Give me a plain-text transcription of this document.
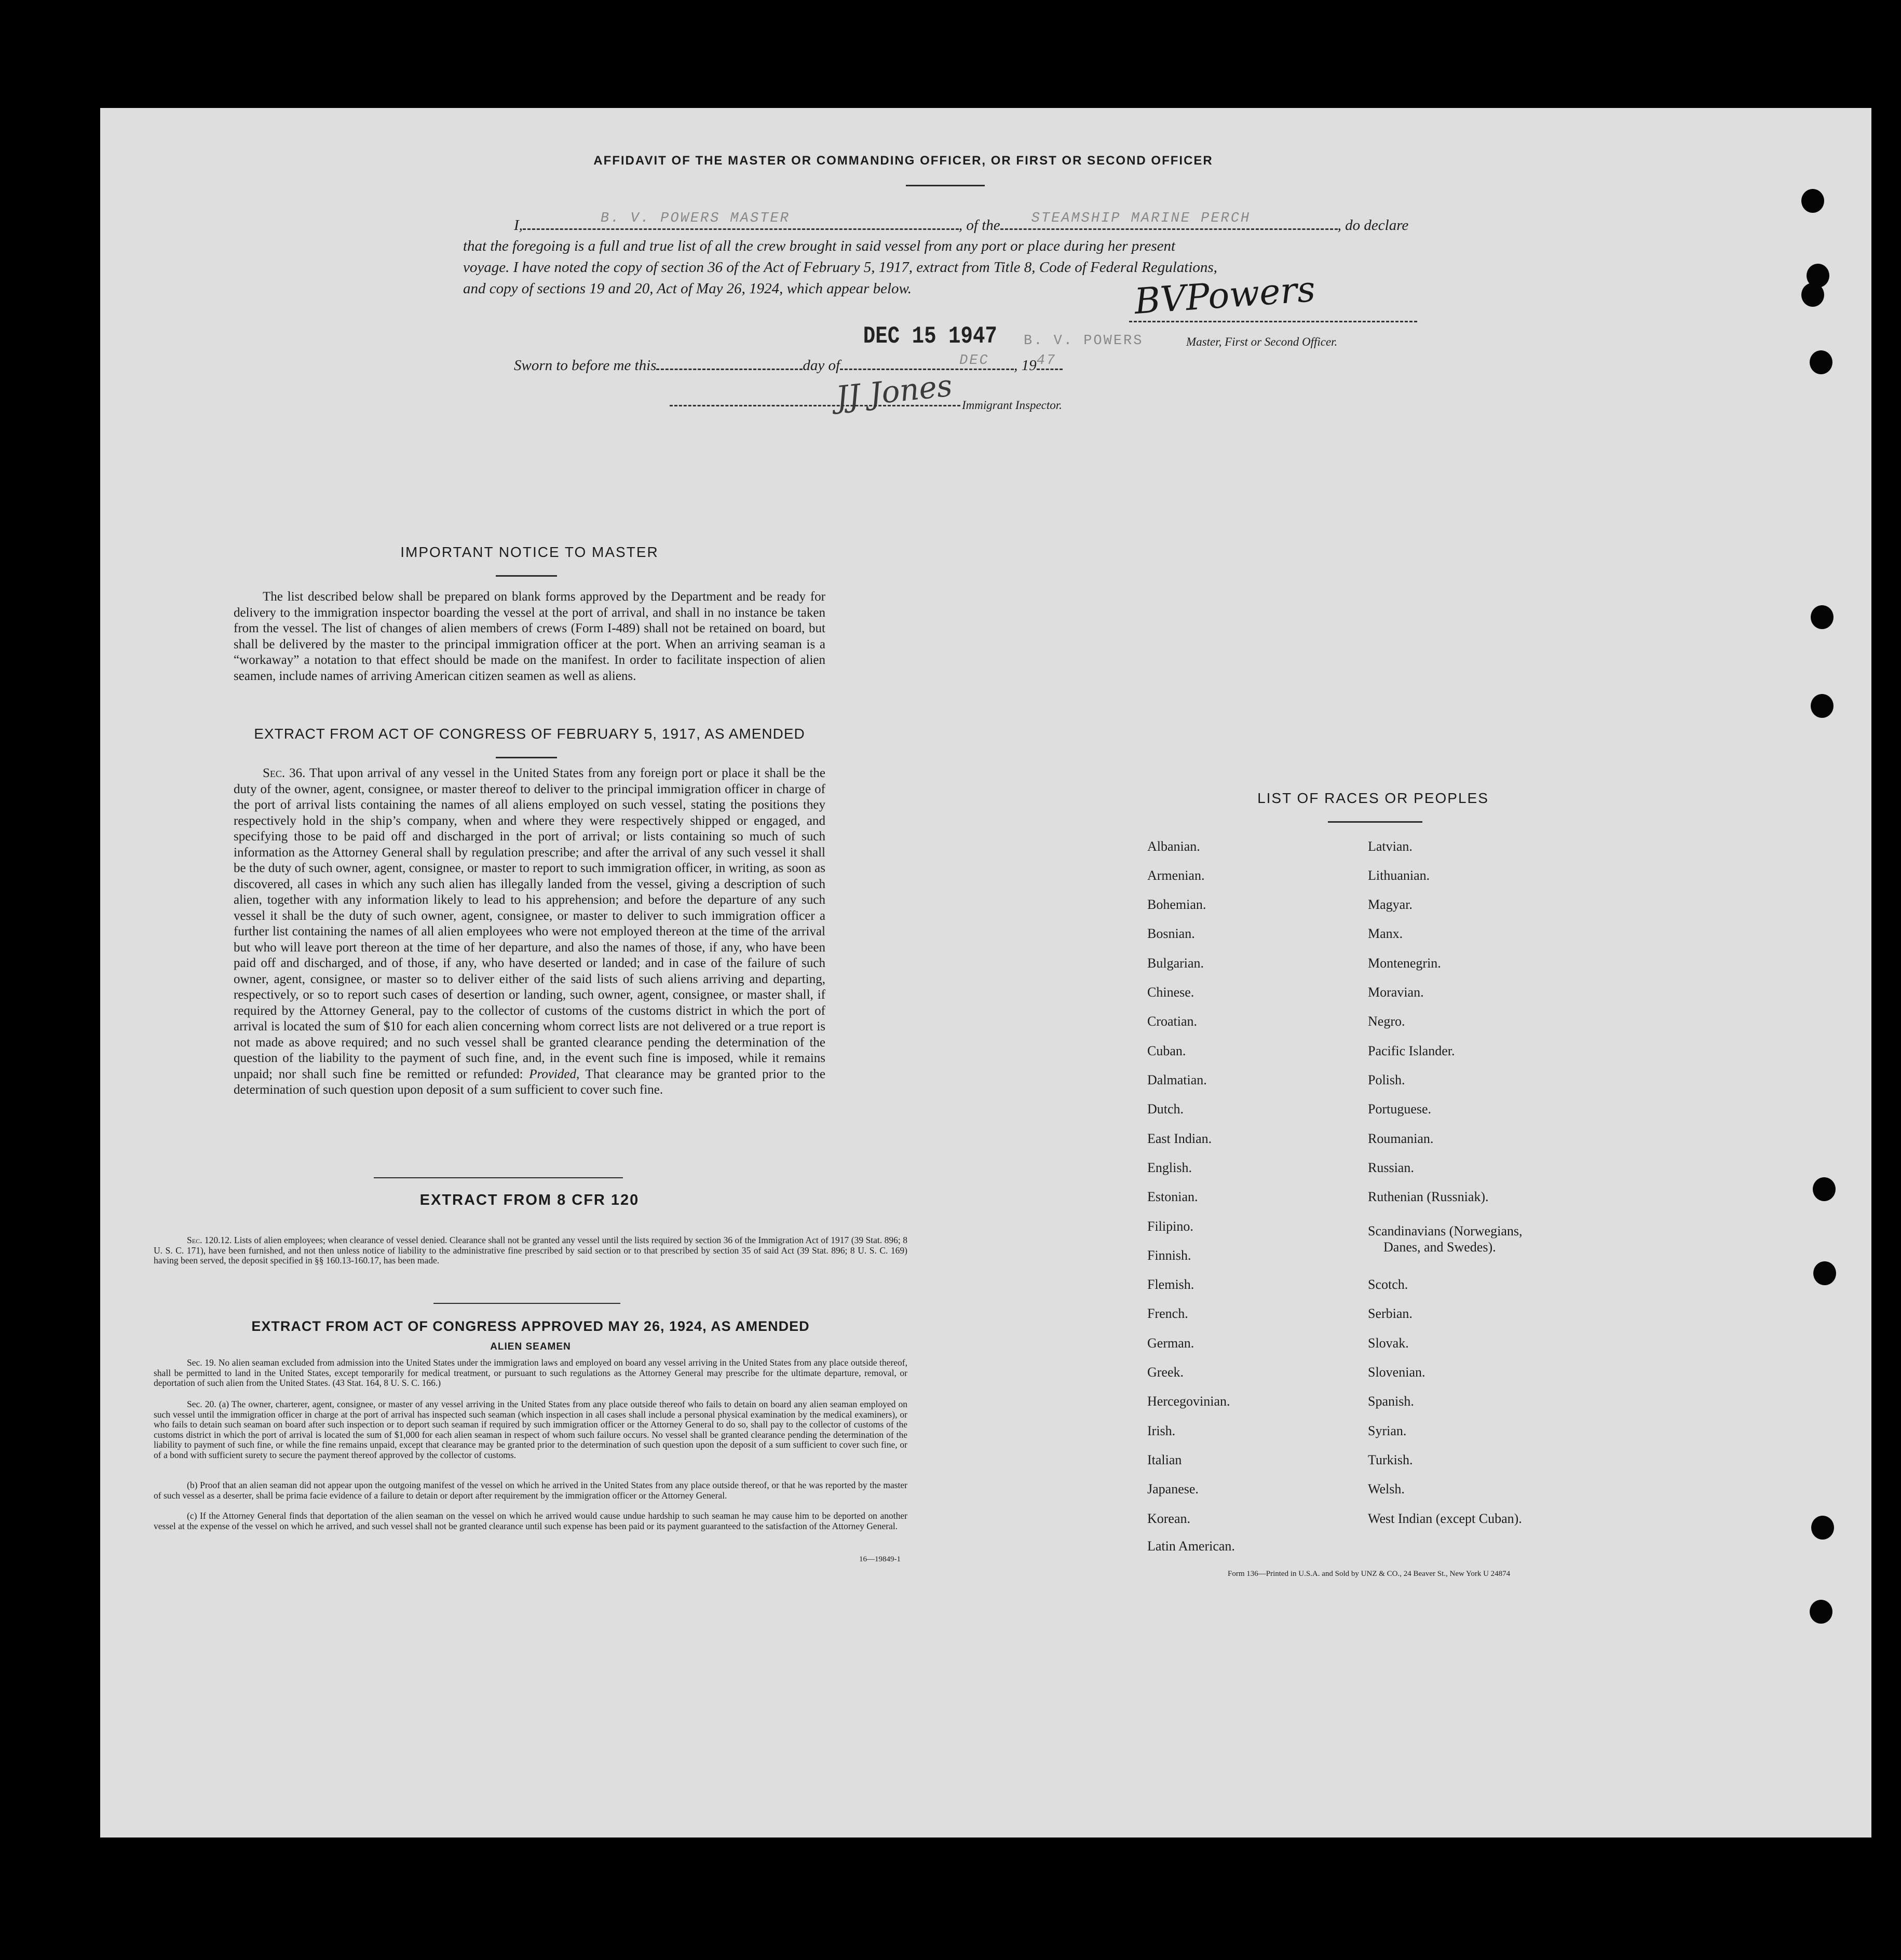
AFFIDAVIT OF THE MASTER OR COMMANDING OFFICER, OR FIRST OR SECOND OFFICER
I,	B. V. POWERS MASTER	, of the STEAMSHIP MARINE PERCH	, do declare
that the foregoing is a full and true list of all the crew brought in said vessel from any port or place during her present
voyage. I have noted the copy of section 36 of the Act of February 5, 1917, extract from Title 8, Code of Federal Regulations,
and copy of sections 19 and 20, Act of May 26, 1924, which appear below.	BVPowers
DEC 15 1947 B. V. POWERS	Master, First or Second Officer.
Sworn to before me this	day of	DEC , 19 47
JJ Jones Immigrant Inspector.
IMPORTANT NOTICE TO MASTER
The list described below shall be prepared on blank forms approved by the Department and be ready for delivery to the immigration inspector boarding the vessel at the port of arrival, and shall in no instance be taken from the vessel. The list of changes of alien members of crews (Form I-489) shall not be retained on board, but shall be delivered by the master to the principal immigration officer at the port. When an arriving seaman is a “workaway” a notation to that effect should be made on the manifest. In order to facilitate inspection of alien seamen, include names of arriving American citizen seamen as well as aliens.
EXTRACT FROM ACT OF CONGRESS OF FEBRUARY 5, 1917, AS AMENDED
Sec. 36. That upon arrival of any vessel in the United States from any foreign port or place it shall be the duty of the owner, agent, consignee, or master thereof to deliver to the principal immigration officer in charge of the port of arrival lists containing the names of all aliens employed on such vessel, stating the positions they respectively hold in the ship’s company, when and where they were respectively shipped or engaged, and specifying those to be paid off and discharged in the port of arrival; or lists containing so much of such information as the Attorney General shall by regulation prescribe; and after the arrival of any such vessel it shall be the duty of such owner, agent, consignee, or master to report to such immigration officer, in writing, as soon as discovered, all cases in which any such alien has illegally landed from the vessel, giving a description of such alien, together with any information likely to lead to his apprehension; and before the departure of any such vessel it shall be the duty of such owner, agent, consignee, or master to deliver to such immigration officer a further list containing the names of all alien employees who were not employed thereon at the time of the arrival but who will leave port thereon at the time of her departure, and also the names of those, if any, who have been paid off and discharged, and of those, if any, who have deserted or landed; and in case of the failure of such owner, agent, consignee, or master so to deliver either of the said lists of such aliens arriving and departing, respectively, or so to report such cases of desertion or landing, such owner, agent, consignee, or master shall, if required by the Attorney General, pay to the collector of customs of the customs district in which the port of arrival is located the sum of $10 for each alien concerning whom correct lists are not delivered or a true report is not made as above required; and no such vessel shall be granted clearance pending the determination of the question of the liability to the payment of such fine, and, in the event such fine is imposed, while it remains unpaid; nor shall such fine be remitted or refunded: Provided, That clearance may be granted prior to the determination of such question upon deposit of a sum sufficient to cover such fine.
EXTRACT FROM 8 CFR 120
Sec. 120.12. Lists of alien employees; when clearance of vessel denied. Clearance shall not be granted any vessel until the lists required by section 36 of the Immigration Act of 1917 (39 Stat. 896; 8 U. S. C. 171), have been furnished, and not then unless notice of liability to the administrative fine prescribed by said section or to that prescribed by section 35 of said Act (39 Stat. 896; 8 U. S. C. 169) having been served, the deposit specified in §§ 160.13-160.17, has been made.
EXTRACT FROM ACT OF CONGRESS APPROVED MAY 26, 1924, AS AMENDED
ALIEN SEAMEN
Sec. 19. No alien seaman excluded from admission into the United States under the immigration laws and employed on board any vessel arriving in the United States from any place outside thereof, shall be permitted to land in the United States, except temporarily for medical treatment, or pursuant to such regulations as the Attorney General may prescribe for the ultimate departure, removal, or deportation of such alien from the United States. (43 Stat. 164, 8 U. S. C. 166.)
Sec. 20. (a) The owner, charterer, agent, consignee, or master of any vessel arriving in the United States from any place outside thereof who fails to detain on board any alien seaman employed on such vessel until the immigration officer in charge at the port of arrival has inspected such seaman (which inspection in all cases shall include a personal physical examination by the medical examiners), or who fails to detain such seaman on board after such inspection or to deport such seaman if required by such immigration officer or the Attorney General to do so, shall pay to the collector of customs of the customs district in which the port of arrival is located the sum of $1,000 for each alien seaman in respect of whom such failure occurs. No vessel shall be granted clearance pending the determination of the liability to payment of such fine, or while the fine remains unpaid, except that clearance may be granted prior to the determination of such question upon the deposit of a sum sufficient to cover such fine, or of a bond with sufficient surety to secure the payment thereof approved by the collector of customs.
(b) Proof that an alien seaman did not appear upon the outgoing manifest of the vessel on which he arrived in the United States from any place outside thereof, or that he was reported by the master of such vessel as a deserter, shall be prima facie evidence of a failure to detain or deport after requirement by the immigration officer or the Attorney General.
(c) If the Attorney General finds that deportation of the alien seaman on the vessel on which he arrived would cause undue hardship to such seaman he may cause him to be deported on another vessel at the expense of the vessel on which he arrived, and such vessel shall not be granted clearance until such expense has been paid or its payment guaranteed to the satisfaction of the Attorney General.
16—19849-1
LIST OF RACES OR PEOPLES
Albanian.
Armenian.
Bohemian.
Bosnian.
Bulgarian.
Chinese.
Croatian.
Cuban.
Dalmatian.
Dutch.
East Indian.
English.
Estonian.
Filipino.
Finnish.
Flemish.
French.
German.
Greek.
Hercegovinian.
Irish.
Italian
Japanese.
Korean.
Latin American.
Latvian.
Lithuanian.
Magyar.
Manx.
Montenegrin.
Moravian.
Negro.
Pacific Islander.
Polish.
Portuguese.
Roumanian.
Russian.
Ruthenian (Russniak).
Scandinavians (Norwegians,
Danes, and Swedes).
Scotch.
Serbian.
Slovak.
Slovenian.
Spanish.
Syrian.
Turkish.
Welsh.
West Indian (except Cuban).
Form 136—Printed in U.S.A. and Sold by UNZ & CO., 24 Beaver St., New York U 24874
